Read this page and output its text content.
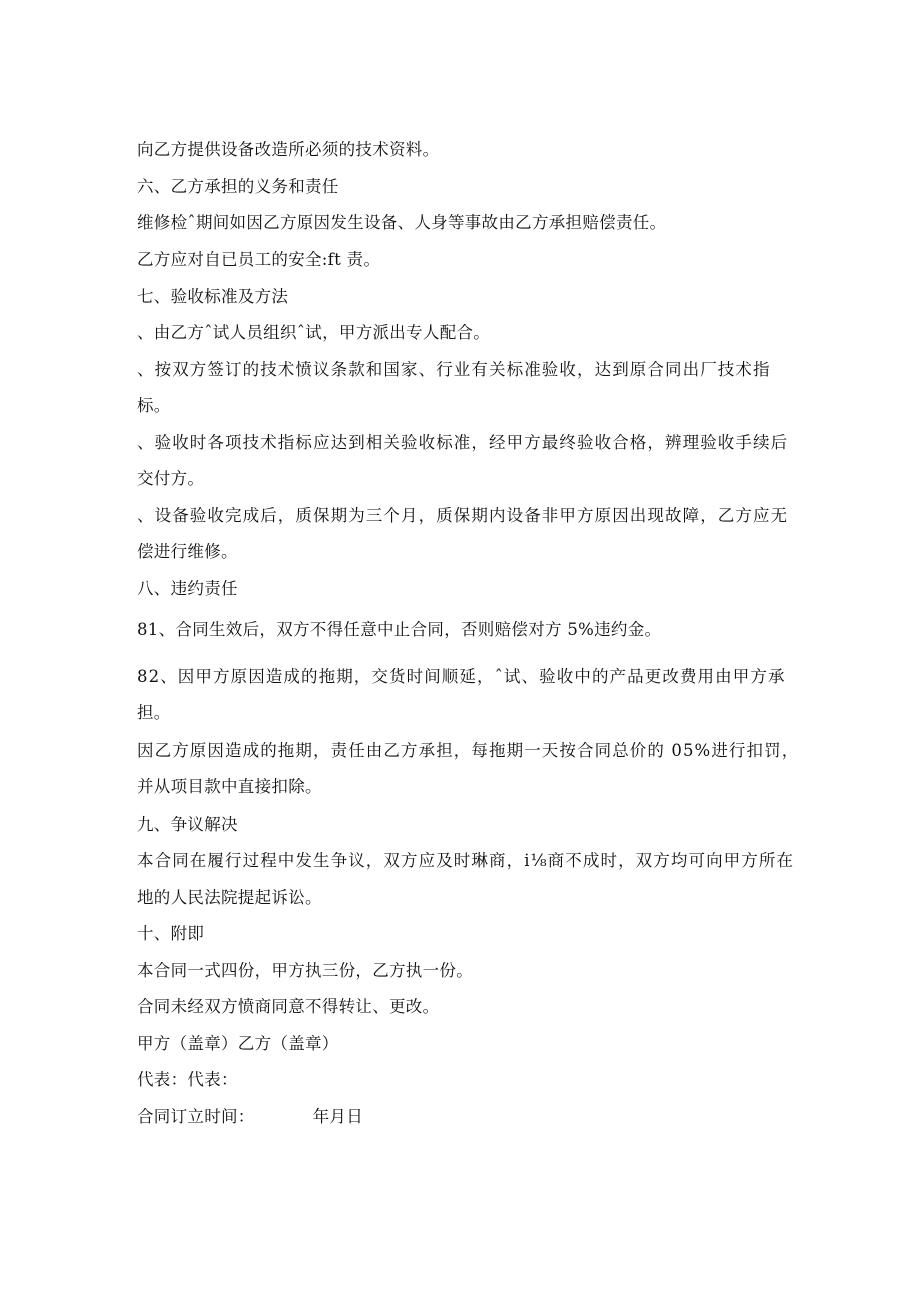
向乙方提供设备改造所必须的技术资料。
六、乙方承担的义务和责任
维修检ˆ期间如因乙方原因发生设备、人身等事故由乙方承担赔偿责任。
乙方应对自已员工的安全:ft 责。
七、验收标准及方法
、由乙方ˆ试人员组织ˆ试，甲方派出专人配合。
、按双方签订的技术愤议条款和国家、行业有关标准验收，达到原合同出厂技术指
标。
、验收时各项技术指标应达到相关验收标准，经甲方最终验收合格，辨理验收手续后
交付方。
、设备验收完成后，质保期为三个月，质保期内设备非甲方原因出现故障，乙方应无
偿进行维修。
八、违约责任
81、合同生效后，双方不得任意中止合同，否则赔偿对方 5%违约金。
82、因甲方原因造成的拖期，交货时间顺延，ˆ试、验收中的产品更改费用由甲方承
担。
因乙方原因造成的拖期，责任由乙方承担，每拖期一天按合同总价的 05%进行扣罚，
并从项目款中直接扣除。
九、争议解决
本合同在履行过程中发生争议，双方应及时琳商，i⅛商不成时，双方均可向甲方所在
地的人民法院提起诉讼。
十、附即
本合同一式四份，甲方执三份，乙方执一份。
合同未经双方愤商同意不得转让、更改。
甲方（盖章）乙方（盖章）
代表：代表：
合同订立时间：	年月日
